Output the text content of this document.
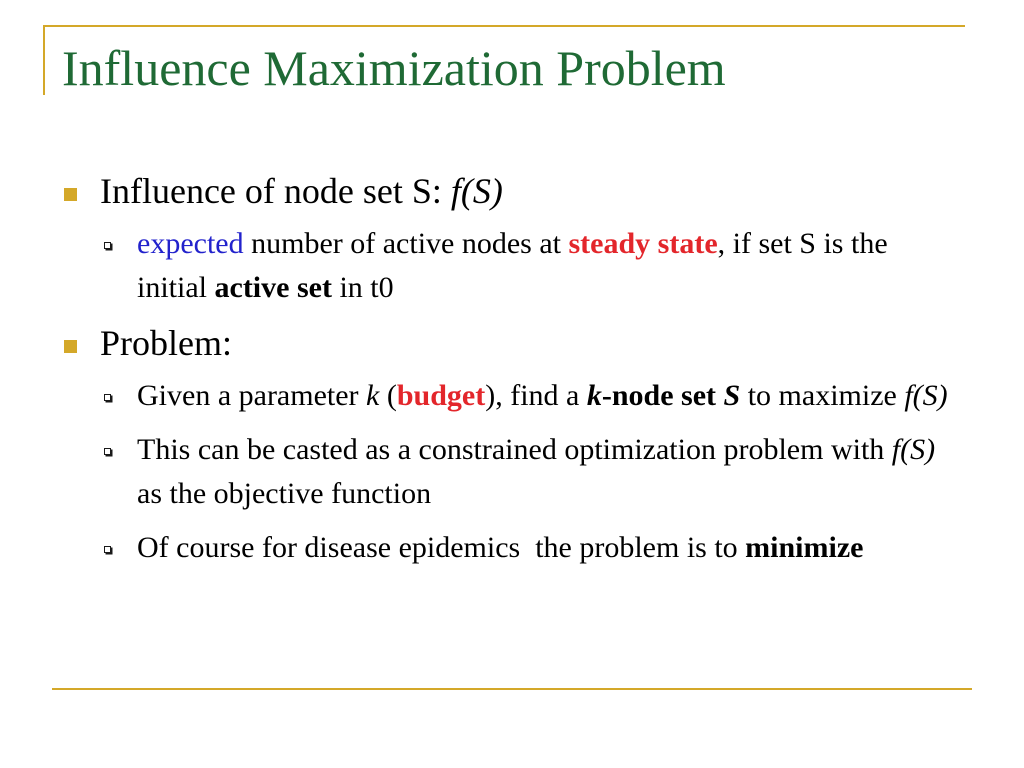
Influence Maximization Problem
Influence of node set S: f(S)
expected number of active nodes at steady state, if set S is the initial active set in t0
Problem:
Given a parameter k (budget), find a k-node set S to maximize f(S)
This can be casted as a constrained optimization problem with f(S) as the objective function
Of course for disease epidemics  the problem is to minimize
